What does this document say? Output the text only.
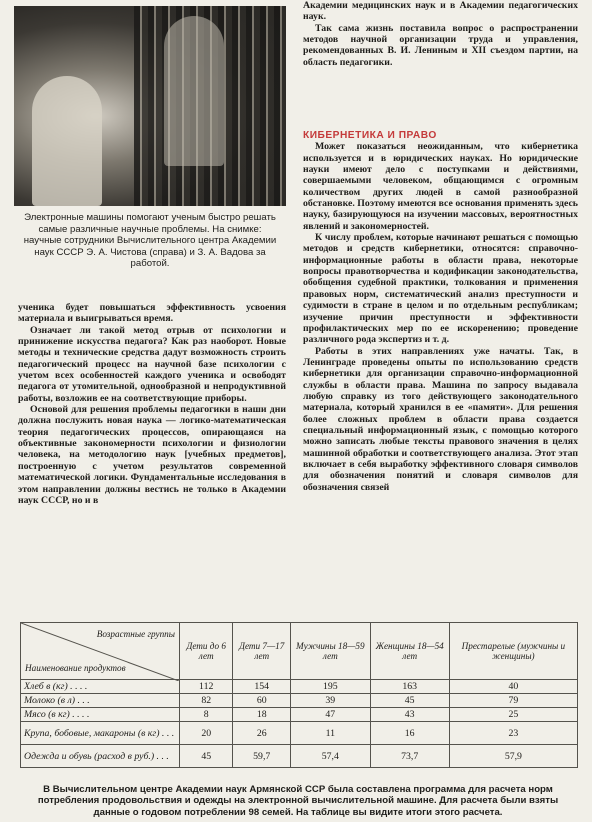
Электронные машины помогают ученым быстро решать самые различные научные проблемы. На снимке: научные сотрудники Вычислительного центра Академии наук СССР Э. А. Чистова (справа) и З. А. Вадова за работой.

ученика будет повышаться эффективность усвоения материала и выигрываться время.

Означает ли такой метод отрыв от психологии и принижение искусства педагога? Как раз наоборот. Новые методы и технические средства дадут возможность строить педагогический процесс на научной базе психологии с учетом всех особенностей каждого ученика и освободят педагога от утомительной, однообразной и непродуктивной работы, возложив ее на соответствующие приборы.

Основой для решения проблемы педагогики в наши дни должна послужить новая наука — логико-математическая теория педагогических процессов, опирающаяся на объективные закономерности психологии и физиологии человека, на методологию наук [учебных предметов], построенную с учетом результатов современной математической логики. Фундаментальные исследования в этом направлении должны вестись не только в Академии наук СССР, но и в

Академии медицинских наук и в Академии педагогических наук.

Так сама жизнь поставила вопрос о распространении методов научной организации труда и управления, рекомендованных В. И. Лениным и XII съездом партии, на область педагогики.

КИБЕРНЕТИКА И ПРАВО

Может показаться неожиданным, что кибернетика используется и в юридических науках. Но юридические науки имеют дело с поступками и действиями, совершаемыми человеком, общающимся с огромным количеством других людей в самой разнообразной обстановке. Поэтому имеются все основания применять здесь науку, базирующуюся на изучении массовых, вероятностных явлений и закономерностей.

К числу проблем, которые начинают решаться с помощью методов и средств кибернетики, относятся: справочно-информационные работы в области права, некоторые вопросы правотворчества и кодификации законодательства, обобщения судебной практики, толкования и применения правовых норм, систематический анализ преступности и судимости в стране в целом и по отдельным республикам; изучение причин преступности и эффективности профилактических мер по ее искоренению; проведение различного рода экспертиз и т. д.

Работы в этих направлениях уже начаты. Так, в Ленинграде проведены опыты по использованию средств кибернетики для организации справочно-информационной службы в области права. Машина по запросу выдавала любую справку из того действующего законодательного материала, который хранился в ее «памяти». Для решения более сложных проблем в области права создается специальный информационный язык, с помощью которого можно записать любые тексты правового значения в целях машинной обработки и соответствующего анализа. Этот этап включает в себя выработку эффективного словаря символов для обозначения понятий и словаря символов для обозначения связей

Возрастные группы
Наименование продуктов	Дети до 6 лет	Дети 7—17 лет	Мужчины 18—59 лет	Женщины 18—54 лет	Престарелые (мужчины и женщины)
Хлеб в (кг) . . . .	112	154	195	163	40
Молоко (в л) . . .	82	60	39	45	79
Мясо (в кг) . . . .	8	18	47	43	25
Крупа, бобовые, макароны (в кг) . . .	20	26	11	16	23
Одежда и обувь (расход в руб.) . . .	45	59,7	57,4	73,7	57,9

В Вычислительном центре Академии наук Армянской ССР была составлена программа для расчета норм потребления продовольствия и одежды на электронной вычислительной машине. Для расчета были взяты данные о годовом потреблении 98 семей. На таблице вы видите итоги этого расчета.
